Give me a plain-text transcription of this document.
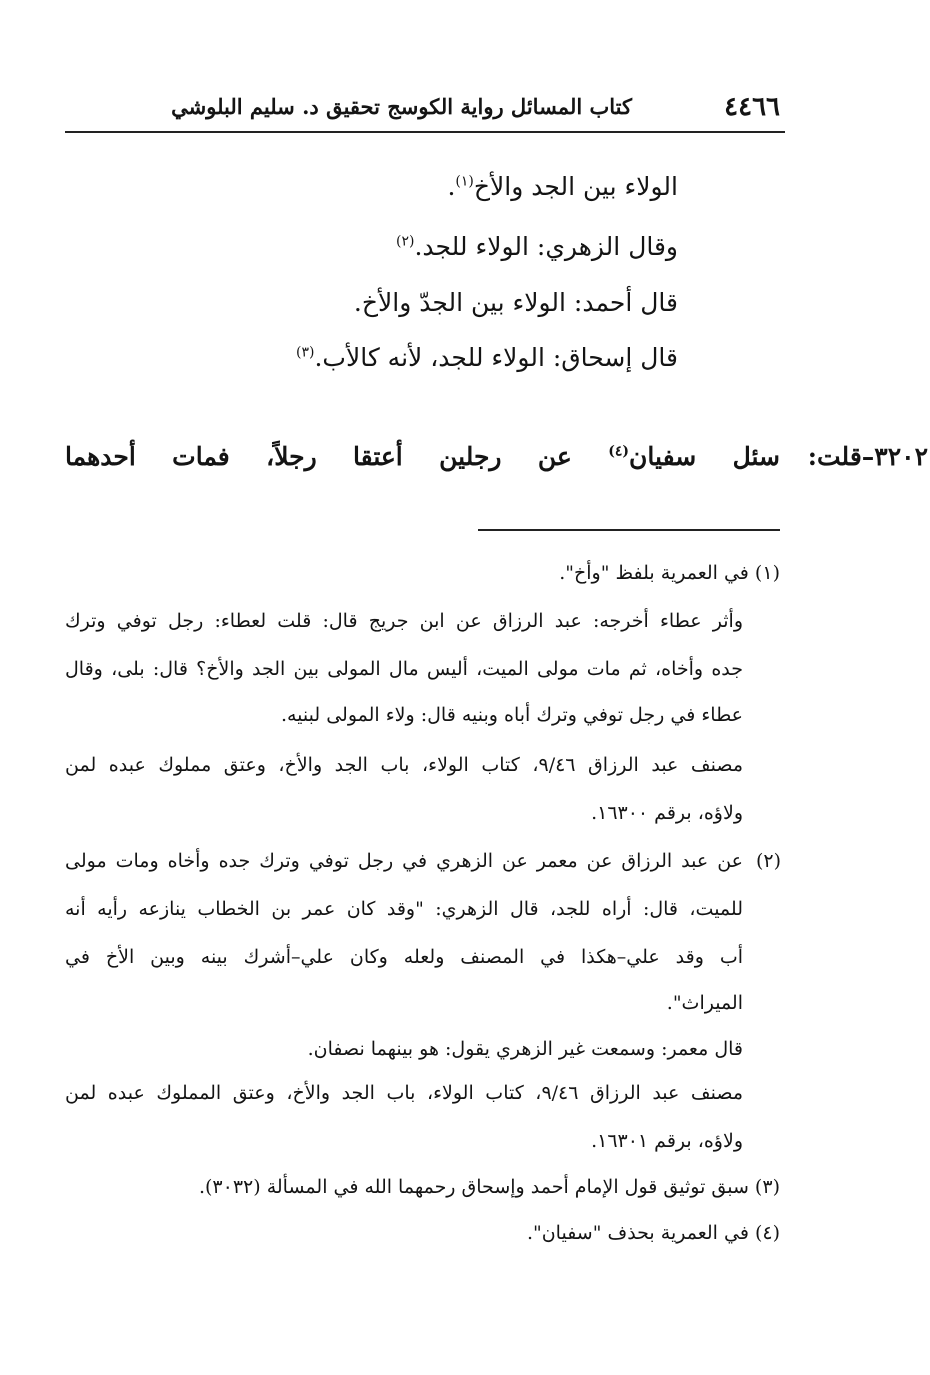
٤٤٦٦
كتاب المسائل رواية الكوسج تحقيق د. سليم البلوشي
الولاء بين الجد والأخ$^{(١)}$.
وقال الزهري: الولاء للجد.$^{(٢)}$
قال أحمد: الولاء بين الجدّ والأخ.
قال إسحاق: الولاء للجد، لأنه كالأب.$^{(٣)}$
٣٢٠٢–قلت:
سئل سفيان$^{(٤)}$ عن رجلين أعتقا رجلاً، فمات أحدهما
(١) في العمرية بلفظ "وأخ".
وأثر عطاء أخرجه: عبد الرزاق عن ابن جريج قال: قلت لعطاء: رجل توفي وترك
جده وأخاه، ثم مات مولى الميت، أليس مال المولى بين الجد والأخ؟ قال: بلى، وقال
عطاء في رجل توفي وترك أباه وبنيه قال: ولاء المولى لبنيه.
مصنف عبد الرزاق ٩/٤٦، كتاب الولاء، باب الجد والأخ، وعتق مملوك عبده لمن
ولاؤه، برقم ١٦٣٠٠.
(٢)
عن عبد الرزاق عن معمر عن الزهري في رجل توفي وترك جده وأخاه ومات مولى
للميت، قال: أراه للجد، قال الزهري: "وقد كان عمر بن الخطاب ينازعه رأيه أنه
أب وقد علي–هكذا في المصنف ولعله وكان علي–أشرك بينه وبين الأخ في
الميراث".
قال معمر: وسمعت غير الزهري يقول: هو بينهما نصفان.
مصنف عبد الرزاق ٩/٤٦، كتاب الولاء، باب الجد والأخ، وعتق المملوك عبده لمن
ولاؤه، برقم ١٦٣٠١.
(٣) سبق توثيق قول الإمام أحمد وإسحاق رحمهما الله في المسألة (٣٠٣٢).
(٤) في العمرية بحذف "سفيان".
